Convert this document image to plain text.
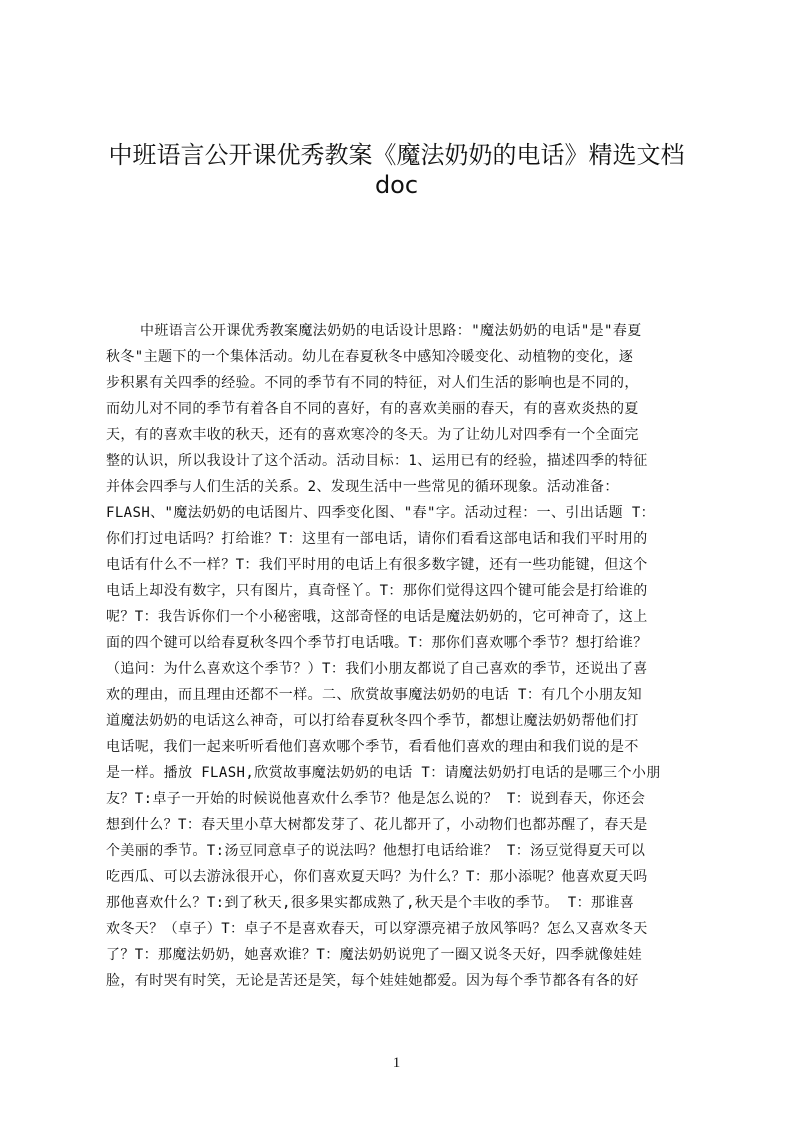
中班语言公开课优秀教案《魔法奶奶的电话》精选文档
doc
中班语言公开课优秀教案魔法奶奶的电话设计思路："魔法奶奶的电话"是"春夏
秋冬"主题下的一个集体活动。幼儿在春夏秋冬中感知冷暖变化、动植物的变化，逐
步积累有关四季的经验。不同的季节有不同的特征，对人们生活的影响也是不同的，
而幼儿对不同的季节有着各自不同的喜好，有的喜欢美丽的春天，有的喜欢炎热的夏
天，有的喜欢丰收的秋天，还有的喜欢寒冷的冬天。为了让幼儿对四季有一个全面完
整的认识，所以我设计了这个活动。活动目标：1、运用已有的经验，描述四季的特征
并体会四季与人们生活的关系。2、发现生活中一些常见的循环现象。活动准备：
FLASH、"魔法奶奶的电话图片、四季变化图、"春"字。活动过程：一、引出话题 T：
你们打过电话吗？打给谁？T：这里有一部电话，请你们看看这部电话和我们平时用的
电话有什么不一样？T：我们平时用的电话上有很多数字键，还有一些功能键，但这个
电话上却没有数字，只有图片，真奇怪丫。T：那你们觉得这四个键可能会是打给谁的
呢？T：我告诉你们一个小秘密哦，这部奇怪的电话是魔法奶奶的，它可神奇了，这上
面的四个键可以给春夏秋冬四个季节打电话哦。T：那你们喜欢哪个季节？想打给谁？
（追问：为什么喜欢这个季节？）T：我们小朋友都说了自己喜欢的季节，还说出了喜
欢的理由，而且理由还都不一样。二、欣赏故事魔法奶奶的电话 T：有几个小朋友知
道魔法奶奶的电话这么神奇，可以打给春夏秋冬四个季节，都想让魔法奶奶帮他们打
电话呢，我们一起来听听看他们喜欢哪个季节，看看他们喜欢的理由和我们说的是不
是一样。播放 FLASH,欣赏故事魔法奶奶的电话 T：请魔法奶奶打电话的是哪三个小朋
友？T:卓子一开始的时候说他喜欢什么季节？他是怎么说的？ T：说到春天，你还会
想到什么？T：春天里小草大树都发芽了、花儿都开了，小动物们也都苏醒了，春天是
个美丽的季节。T:汤豆同意卓子的说法吗？他想打电话给谁？ T：汤豆觉得夏天可以
吃西瓜、可以去游泳很开心，你们喜欢夏天吗？为什么？T：那小添呢？他喜欢夏天吗
那他喜欢什么？T:到了秋天,很多果实都成熟了,秋天是个丰收的季节。 T：那谁喜
欢冬天？（卓子）T：卓子不是喜欢春天，可以穿漂亮裙子放风筝吗？怎么又喜欢冬天
了？T：那魔法奶奶，她喜欢谁？T：魔法奶奶说兜了一圈又说冬天好，四季就像娃娃
脸，有时哭有时笑，无论是苦还是笑，每个娃娃她都爱。因为每个季节都各有各的好
1
